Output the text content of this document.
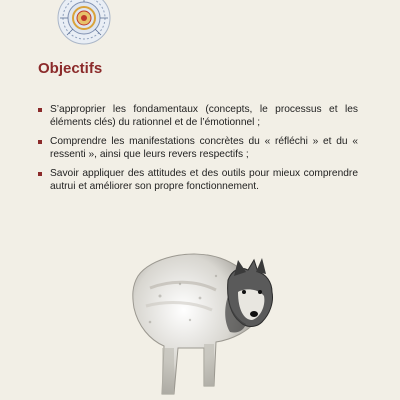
Objectifs
S’approprier les fondamentaux (concepts, le processus et les éléments clés) du rationnel et de l’émotionnel ;
Comprendre les manifestations concrètes du « réfléchi » et du « ressenti », ainsi que leurs revers respectifs ;
Savoir appliquer des attitudes et des outils pour mieux comprendre autrui et améliorer son propre fonctionnement.
